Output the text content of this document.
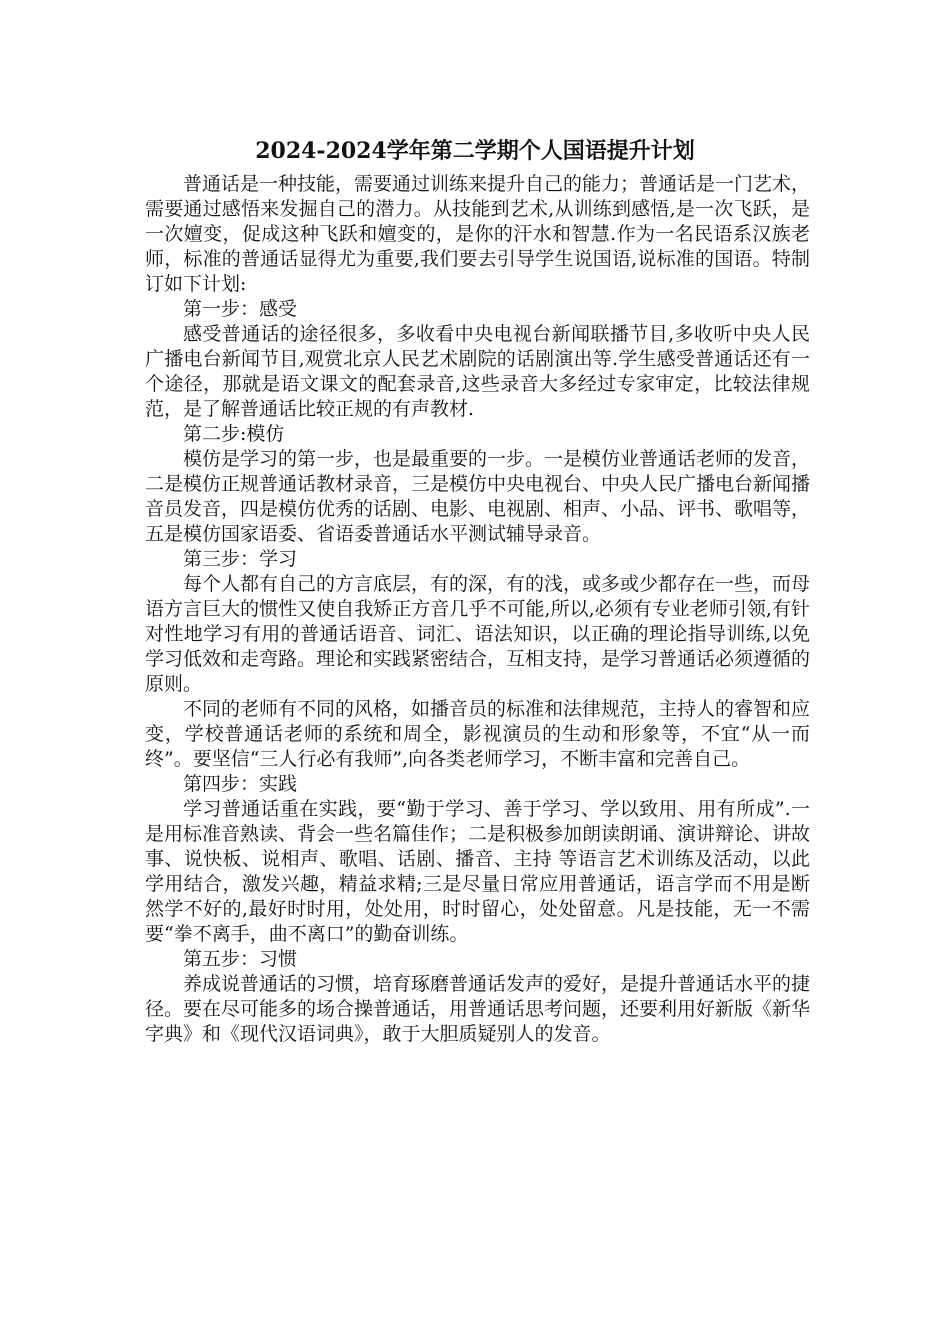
2024-2024学年第二学期个人国语提升计划

普通话是一种技能，需要通过训练来提升自己的能力；普通话是一门艺术，需要通过感悟来发掘自己的潜力。从技能到艺术,从训练到感悟,是一次飞跃，是一次嬗变，促成这种飞跃和嬗变的，是你的汗水和智慧.作为一名民语系汉族老师，标准的普通话显得尤为重要,我们要去引导学生说国语,说标准的国语。特制订如下计划:

第一步：感受

感受普通话的途径很多，多收看中央电视台新闻联播节目,多收听中央人民广播电台新闻节目,观赏北京人民艺术剧院的话剧演出等.学生感受普通话还有一个途径，那就是语文课文的配套录音,这些录音大多经过专家审定，比较法律规范，是了解普通话比较正规的有声教材.

第二步:模仿

模仿是学习的第一步，也是最重要的一步。一是模仿业普通话老师的发音，二是模仿正规普通话教材录音，三是模仿中央电视台、中央人民广播电台新闻播音员发音，四是模仿优秀的话剧、电影、电视剧、相声、小品、评书、歌唱等，五是模仿国家语委、省语委普通话水平测试辅导录音。

第三步：学习

每个人都有自己的方言底层，有的深，有的浅，或多或少都存在一些，而母语方言巨大的惯性又使自我矫正方音几乎不可能,所以,必须有专业老师引领,有针对性地学习有用的普通话语音、词汇、语法知识，以正确的理论指导训练,以免学习低效和走弯路。理论和实践紧密结合，互相支持，是学习普通话必须遵循的原则。

不同的老师有不同的风格，如播音员的标准和法律规范，主持人的睿智和应变，学校普通话老师的系统和周全，影视演员的生动和形象等，不宜“从一而终”。要坚信“三人行必有我师”,向各类老师学习，不断丰富和完善自己。

第四步：实践

学习普通话重在实践，要“勤于学习、善于学习、学以致用、用有所成”.一是用标准音熟读、背会一些名篇佳作；二是积极参加朗读朗诵、演讲辩论、讲故事、说快板、说相声、歌唱、话剧、播音、主持 等语言艺术训练及活动，以此学用结合，激发兴趣，精益求精;三是尽量日常应用普通话，语言学而不用是断然学不好的,最好时时用，处处用，时时留心，处处留意。凡是技能，无一不需要“拳不离手，曲不离口”的勤奋训练。

第五步：习惯

养成说普通话的习惯，培育琢磨普通话发声的爱好，是提升普通话水平的捷径。要在尽可能多的场合操普通话，用普通话思考问题，还要利用好新版《新华字典》和《现代汉语词典》，敢于大胆质疑别人的发音。
